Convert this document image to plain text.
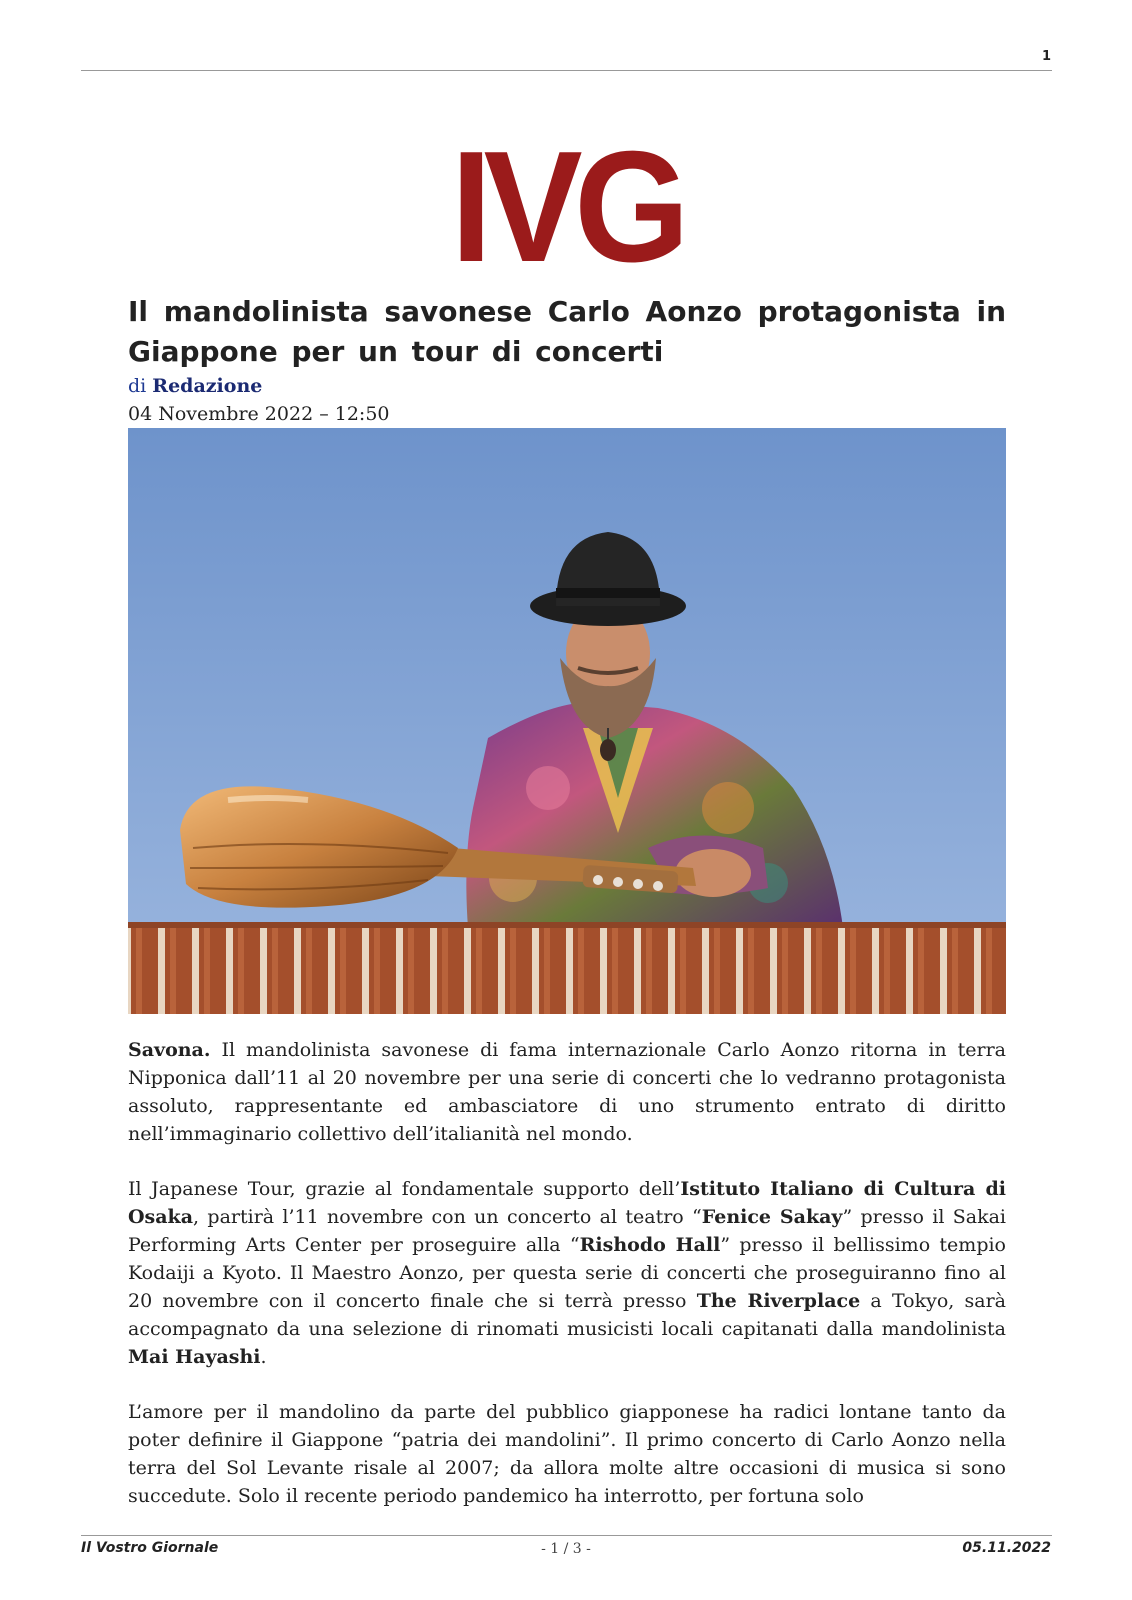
1
IVG
Il mandolinista savonese Carlo Aonzo protagonista in Giappone per un tour di concerti
di Redazione
04 Novembre 2022 – 12:50

Savona. Il mandolinista savonese di fama internazionale Carlo Aonzo ritorna in terra Nipponica dall’11 al 20 novembre per una serie di concerti che lo vedranno protagonista assoluto, rappresentante ed ambasciatore di uno strumento entrato di diritto nell’immaginario collettivo dell’italianità nel mondo.

Il Japanese Tour, grazie al fondamentale supporto dell’Istituto Italiano di Cultura di Osaka, partirà l’11 novembre con un concerto al teatro “Fenice Sakay” presso il Sakai Performing Arts Center per proseguire alla “Rishodo Hall” presso il bellissimo tempio Kodaiji a Kyoto. Il Maestro Aonzo, per questa serie di concerti che proseguiranno fino al 20 novembre con il concerto finale che si terrà presso The Riverplace a Tokyo, sarà accompagnato da una selezione di rinomati musicisti locali capitanati dalla mandolinista Mai Hayashi.

L’amore per il mandolino da parte del pubblico giapponese ha radici lontane tanto da poter definire il Giappone “patria dei mandolini”. Il primo concerto di Carlo Aonzo nella terra del Sol Levante risale al 2007; da allora molte altre occasioni di musica si sono succedute. Solo il recente periodo pandemico ha interrotto, per fortuna solo

Il Vostro Giornale	- 1 / 3 -	05.11.2022
